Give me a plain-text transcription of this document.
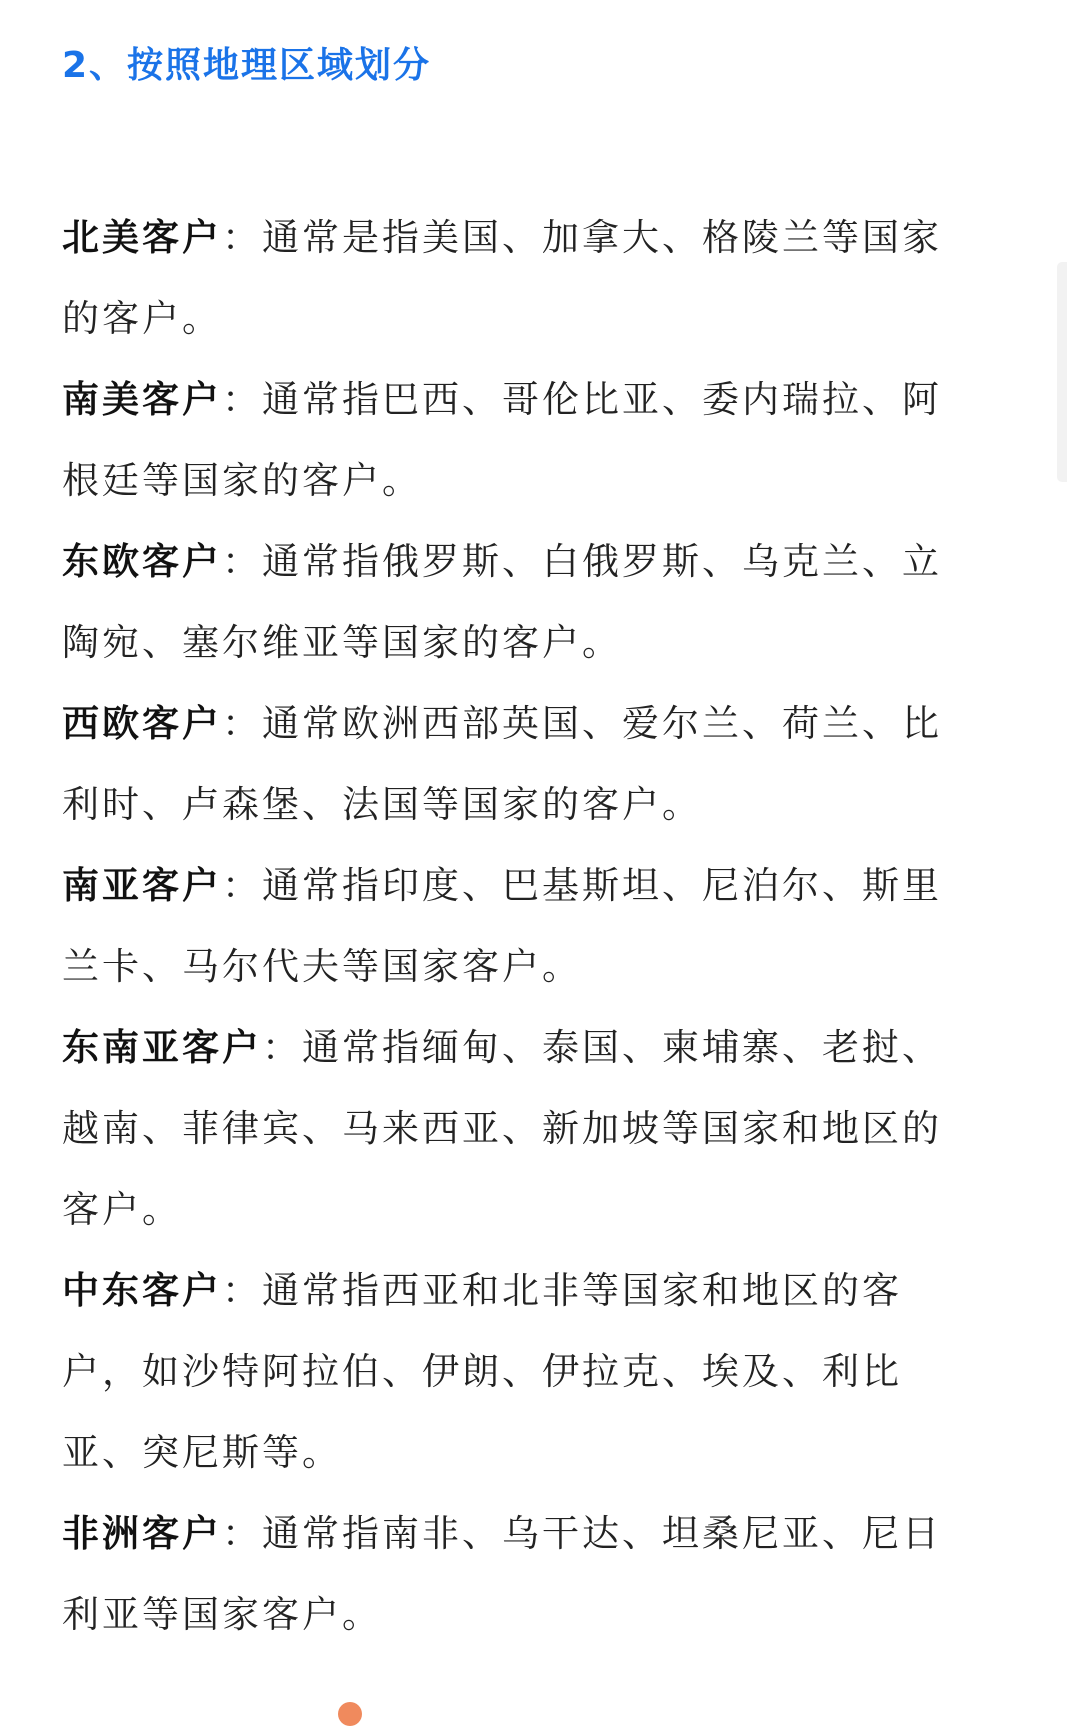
2、按照地理区域划分

北美客户：通常是指美国、加拿大、格陵兰等国家的客户。

南美客户：通常指巴西、哥伦比亚、委内瑞拉、阿根廷等国家的客户。

东欧客户：通常指俄罗斯、白俄罗斯、乌克兰、立陶宛、塞尔维亚等国家的客户。

西欧客户：通常欧洲西部英国、爱尔兰、荷兰、比利时、卢森堡、法国等国家的客户。

南亚客户：通常指印度、巴基斯坦、尼泊尔、斯里兰卡、马尔代夫等国家客户。

东南亚客户：通常指缅甸、泰国、柬埔寨、老挝、越南、菲律宾、马来西亚、新加坡等国家和地区的客户。

中东客户：通常指西亚和北非等国家和地区的客户，如沙特阿拉伯、伊朗、伊拉克、埃及、利比亚、突尼斯等。

非洲客户：通常指南非、乌干达、坦桑尼亚、尼日利亚等国家客户。
